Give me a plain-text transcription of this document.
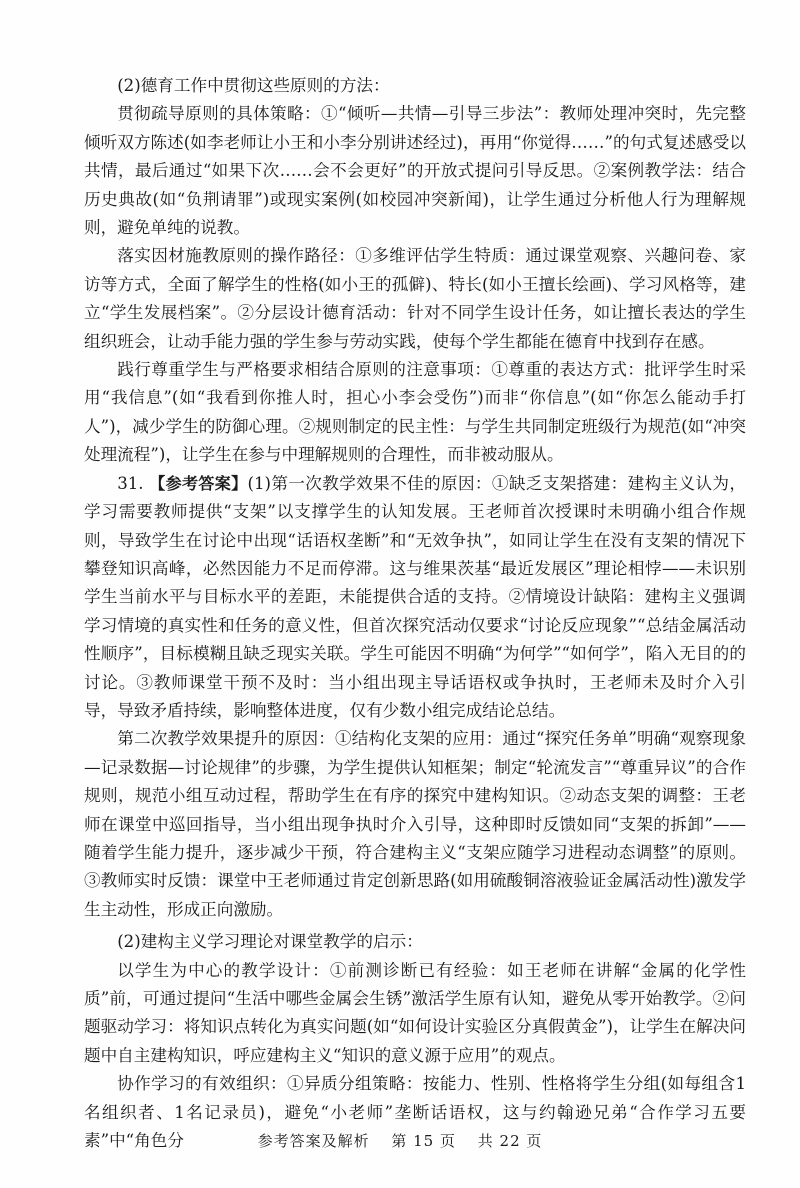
(2)德育工作中贯彻这些原则的方法：

贯彻疏导原则的具体策略：①“倾听—共情—引导三步法”：教师处理冲突时，先完整倾听双方陈述(如李老师让小王和小李分别讲述经过)，再用“你觉得……”的句式复述感受以共情，最后通过“如果下次……会不会更好”的开放式提问引导反思。②案例教学法：结合历史典故(如“负荆请罪”)或现实案例(如校园冲突新闻)，让学生通过分析他人行为理解规则，避免单纯的说教。

落实因材施教原则的操作路径：①多维评估学生特质：通过课堂观察、兴趣问卷、家访等方式，全面了解学生的性格(如小王的孤僻)、特长(如小王擅长绘画)、学习风格等，建立“学生发展档案”。②分层设计德育活动：针对不同学生设计任务，如让擅长表达的学生组织班会，让动手能力强的学生参与劳动实践，使每个学生都能在德育中找到存在感。

践行尊重学生与严格要求相结合原则的注意事项：①尊重的表达方式：批评学生时采用“我信息”(如“我看到你推人时，担心小李会受伤”)而非“你信息”(如“你怎么能动手打人”)，减少学生的防御心理。②规则制定的民主性：与学生共同制定班级行为规范(如“冲突处理流程”)，让学生在参与中理解规则的合理性，而非被动服从。

31. 【参考答案】(1)第一次教学效果不佳的原因：①缺乏支架搭建：建构主义认为，学习需要教师提供“支架”以支撑学生的认知发展。王老师首次授课时未明确小组合作规则，导致学生在讨论中出现“话语权垄断”和“无效争执”，如同让学生在没有支架的情况下攀登知识高峰，必然因能力不足而停滞。这与维果茨基“最近发展区”理论相悖——未识别学生当前水平与目标水平的差距，未能提供合适的支持。②情境设计缺陷：建构主义强调学习情境的真实性和任务的意义性，但首次探究活动仅要求“讨论反应现象”“总结金属活动性顺序”，目标模糊且缺乏现实关联。学生可能因不明确“为何学”“如何学”，陷入无目的的讨论。③教师课堂干预不及时：当小组出现主导话语权或争执时，王老师未及时介入引导，导致矛盾持续，影响整体进度，仅有少数小组完成结论总结。

第二次教学效果提升的原因：①结构化支架的应用：通过“探究任务单”明确“观察现象—记录数据—讨论规律”的步骤，为学生提供认知框架；制定“轮流发言”“尊重异议”的合作规则，规范小组互动过程，帮助学生在有序的探究中建构知识。②动态支架的调整：王老师在课堂中巡回指导，当小组出现争执时介入引导，这种即时反馈如同“支架的拆卸”——随着学生能力提升，逐步减少干预，符合建构主义“支架应随学习进程动态调整”的原则。③教师实时反馈：课堂中王老师通过肯定创新思路(如用硫酸铜溶液验证金属活动性)激发学生主动性，形成正向激励。

(2)建构主义学习理论对课堂教学的启示：

以学生为中心的教学设计：①前测诊断已有经验：如王老师在讲解“金属的化学性质”前，可通过提问“生活中哪些金属会生锈”激活学生原有认知，避免从零开始教学。②问题驱动学习：将知识点转化为真实问题(如“如何设计实验区分真假黄金”)，让学生在解决问题中自主建构知识，呼应建构主义“知识的意义源于应用”的观点。

协作学习的有效组织：①异质分组策略：按能力、性别、性格将学生分组(如每组含1名组织者、1名记录员)，避免“小老师”垄断话语权，这与约翰逊兄弟“合作学习五要素”中“角色分	参考答案及解析 第 15 页 共 22 页
